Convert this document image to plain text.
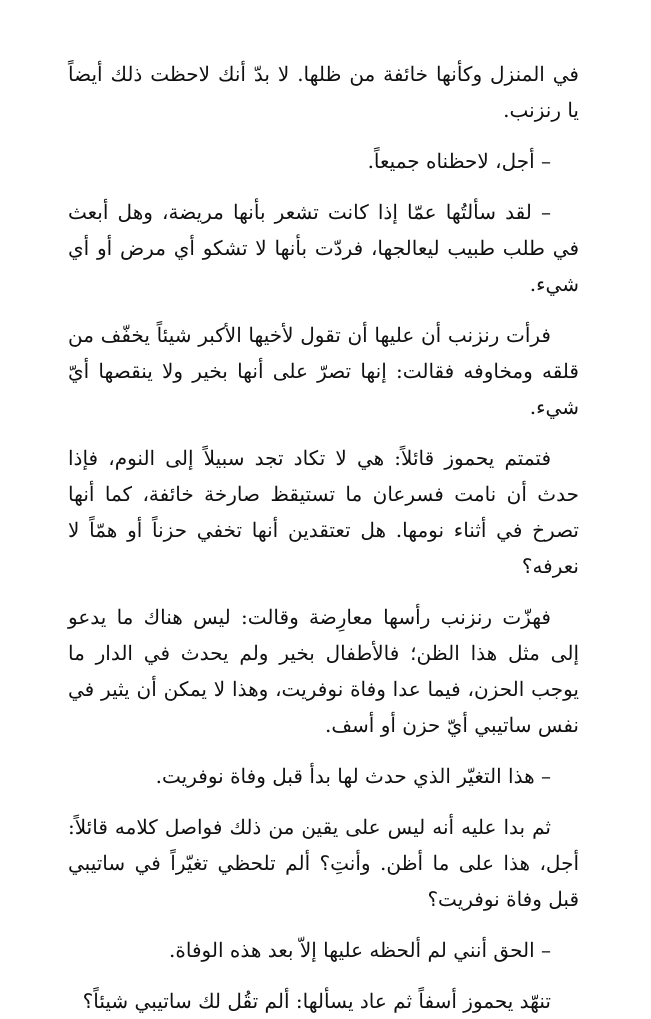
في المنزل وكأنها خائفة من ظلها. لا بدّ أنك لاحظت ذلك أيضاً يا رنزنب.

– أجل، لاحظناه جميعاً.

– لقد سألتُها عمّا إذا كانت تشعر بأنها مريضة، وهل أبعث في طلب طبيب ليعالجها، فردّت بأنها لا تشكو أي مرض أو أي شيء.

فرأت رنزنب أن عليها أن تقول لأخيها الأكبر شيئاً يخفّف من قلقه ومخاوفه فقالت: إنها تصرّ على أنها بخير ولا ينقصها أيّ شيء.

فتمتم يحموز قائلاً: هي لا تكاد تجد سبيلاً إلى النوم، فإذا حدث أن نامت فسرعان ما تستيقظ صارخة خائفة، كما أنها تصرخ في أثناء نومها. هل تعتقدين أنها تخفي حزناً أو همّاً لا نعرفه؟

فهزّت رنزنب رأسها معارِضة وقالت: ليس هناك ما يدعو إلى مثل هذا الظن؛ فالأطفال بخير ولم يحدث في الدار ما يوجب الحزن، فيما عدا وفاة نوفريت، وهذا لا يمكن أن يثير في نفس ساتيبي أيّ حزن أو أسف.

– هذا التغيّر الذي حدث لها بدأ قبل وفاة نوفريت.

ثم بدا عليه أنه ليس على يقين من ذلك فواصل كلامه قائلاً: أجل، هذا على ما أظن. وأنتِ؟ ألم تلحظي تغيّراً في ساتيبي قبل وفاة نوفريت؟

– الحق أنني لم ألحظه عليها إلاّ بعد هذه الوفاة.

تنهّد يحموز أسفاً ثم عاد يسألها: ألم تقُل لك ساتيبي شيئاً؟
